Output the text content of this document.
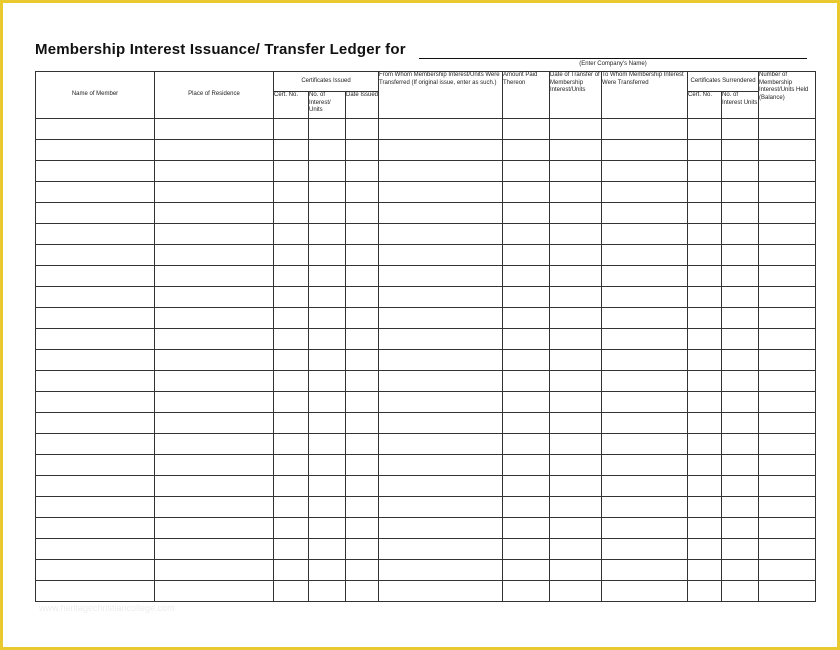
Membership Interest Issuance/ Transfer Ledger for
(Enter Company's Name)
Name of Member	Place of Residence	Certificates Issued			From Whom Membership Interest/Units Were Transferred (If original issue, enter as such.)	Amount Paid Thereon	Date of Transfer of Membership Interest/Units	To Whom Membership Interest Were Transferred	Certificates Surrendered		Number of Membership Interest/Units Held (Balance)
		Cert. No.	No. of Interest/ Units	Date Issued					Cert. No.	No. of Interest Units	

www.heritagechristiancollege.com
